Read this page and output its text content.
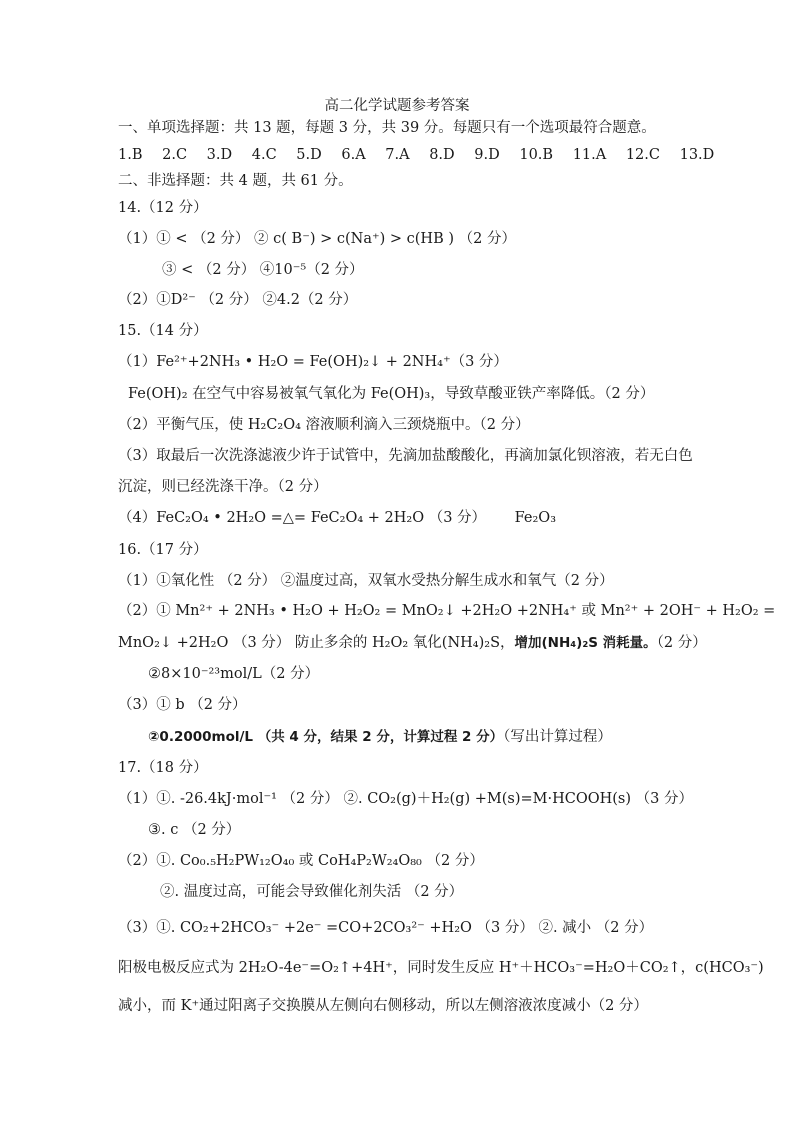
高二化学试题参考答案
一、单项选择题：共 13 题，每题 3 分，共 39 分。每题只有一个选项最符合题意。
1.B 2.C 3.D 4.C 5.D 6.A 7.A 8.D 9.D 10.B 11.A 12.C 13.D
二、非选择题：共 4 题，共 61 分。
14.（12 分）
（1）① < （2 分） ② c( B⁻) > c(Na⁺) > c(HB ) （2 分）
③ < （2 分） ④10⁻⁵（2 分）
（2）①D²⁻ （2 分） ②4.2（2 分）
15.（14 分）
（1）Fe²⁺+2NH₃ • H₂O = Fe(OH)₂↓ + 2NH₄⁺（3 分）
Fe(OH)₂ 在空气中容易被氧气氧化为 Fe(OH)₃，导致草酸亚铁产率降低。（2 分）
（2）平衡气压，使 H₂C₂O₄ 溶液顺利滴入三颈烧瓶中。（2 分）
（3）取最后一次洗涤滤液少许于试管中，先滴加盐酸酸化，再滴加氯化钡溶液，若无白色
沉淀，则已经洗涤干净。（2 分）
（4）FeC₂O₄ • 2H₂O =△= FeC₂O₄ + 2H₂O （3 分） Fe₂O₃
16.（17 分）
（1）①氧化性 （2 分） ②温度过高，双氧水受热分解生成水和氧气（2 分）
（2）① Mn²⁺ + 2NH₃ • H₂O + H₂O₂ = MnO₂↓ +2H₂O +2NH₄⁺ 或 Mn²⁺ + 2OH⁻ + H₂O₂ =
MnO₂↓ +2H₂O （3 分） 防止多余的 H₂O₂ 氧化(NH₄)₂S，增加(NH₄)₂S 消耗量。（2 分）
②8×10⁻²³mol/L（2 分）
（3）① b （2 分）
②0.2000mol/L （共 4 分，结果 2 分，计算过程 2 分）（写出计算过程）
17.（18 分）
（1）①. -26.4kJ·mol⁻¹ （2 分） ②. CO₂(g)＋H₂(g) +M(s)=M·HCOOH(s) （3 分）
③. c （2 分）
（2）①. Co₀.₅H₂PW₁₂O₄₀ 或 CoH₄P₂W₂₄O₈₀ （2 分）
②. 温度过高，可能会导致催化剂失活 （2 分）
（3）①. CO₂+2HCO₃⁻ +2e⁻ =CO+2CO₃²⁻ +H₂O （3 分） ②. 减小 （2 分）
阳极电极反应式为 2H₂O-4e⁻=O₂↑+4H⁺，同时发生反应 H⁺＋HCO₃⁻=H₂O＋CO₂↑，c(HCO₃⁻)
减小，而 K⁺通过阳离子交换膜从左侧向右侧移动，所以左侧溶液浓度减小（2 分）
